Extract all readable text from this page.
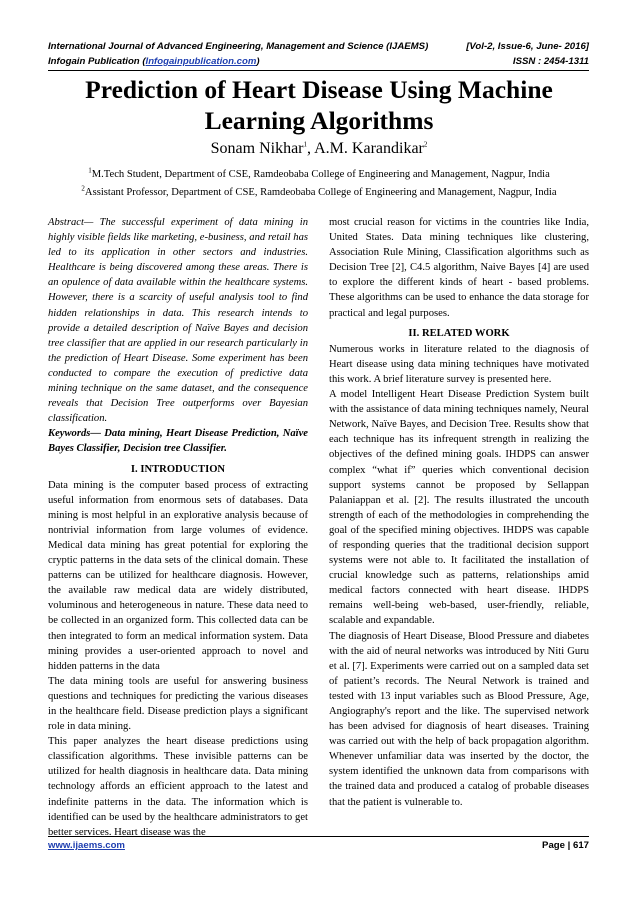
International Journal of Advanced Engineering, Management and Science (IJAEMS)	[Vol-2, Issue-6, June- 2016]
Infogain Publication (Infogainpublication.com)	ISSN : 2454-1311
Prediction of Heart Disease Using Machine Learning Algorithms
Sonam Nikhar$^1$, A.M. Karandikar$^2$
$^1$M.Tech Student, Department of CSE, Ramdeobaba College of Engineering and Management, Nagpur, India
$^2$Assistant Professor, Department of CSE, Ramdeobaba College of Engineering and Management, Nagpur, India

Abstract— The successful experiment of data mining in highly visible fields like marketing, e-business, and retail has led to its application in other sectors and industries. Healthcare is being discovered among these areas. There is an opulence of data available within the healthcare systems. However, there is a scarcity of useful analysis tool to find hidden relationships in data. This research intends to provide a detailed description of Naïve Bayes and decision tree classifier that are applied in our research particularly in the prediction of Heart Disease. Some experiment has been conducted to compare the execution of predictive data mining technique on the same dataset, and the consequence reveals that Decision Tree outperforms over Bayesian classification.

Keywords— Data mining, Heart Disease Prediction, Naïve Bayes Classifier, Decision tree Classifier.

I. INTRODUCTION

Data mining is the computer based process of extracting useful information from enormous sets of databases. Data mining is most helpful in an explorative analysis because of nontrivial information from large volumes of evidence. Medical data mining has great potential for exploring the cryptic patterns in the data sets of the clinical domain. These patterns can be utilized for healthcare diagnosis. However, the available raw medical data are widely distributed, voluminous and heterogeneous in nature. These data need to be collected in an organized form. This collected data can be then integrated to form an medical information system. Data mining provides a user-oriented approach to novel and hidden patterns in the data

The data mining tools are useful for answering business questions and techniques for predicting the various diseases in the healthcare field. Disease prediction plays a significant role in data mining.

This paper analyzes the heart disease predictions using classification algorithms. These invisible patterns can be utilized for health diagnosis in healthcare data. Data mining technology affords an efficient approach to the latest and indefinite patterns in the data. The information which is identified can be used by the healthcare administrators to get better services. Heart disease was the

most crucial reason for victims in the countries like India, United States. Data mining techniques like clustering, Association Rule Mining, Classification algorithms such as Decision Tree [2], C4.5 algorithm, Naive Bayes [4] are used to explore the different kinds of heart - based problems. These algorithms can be used to enhance the data storage for practical and legal purposes.

II. RELATED WORK

Numerous works in literature related to the diagnosis of Heart disease using data mining techniques have motivated this work. A brief literature survey is presented here.

A model Intelligent Heart Disease Prediction System built with the assistance of data mining techniques namely, Neural Network, Naïve Bayes, and Decision Tree. Results show that each technique has its infrequent strength in realizing the objectives of the defined mining goals. IHDPS can answer complex “what if” queries which conventional decision support systems cannot be proposed by Sellappan Palaniappan et al. [2]. The results illustrated the uncouth strength of each of the methodologies in comprehending the goal of the specified mining objectives. IHDPS was capable of responding queries that the traditional decision support systems were not able to. It facilitated the installation of crucial knowledge such as patterns, relationships amid medical factors connected with heart disease. IHDPS remains well-being web-based, user-friendly, reliable, scalable and expandable.

The diagnosis of Heart Disease, Blood Pressure and diabetes with the aid of neural networks was introduced by Niti Guru et al. [7]. Experiments were carried out on a sampled data set of patient’s records. The Neural Network is trained and tested with 13 input variables such as Blood Pressure, Age, Angiography's report and the like. The supervised network has been advised for diagnosis of heart diseases. Training was carried out with the help of back propagation algorithm. Whenever unfamiliar data was inserted by the doctor, the system identified the unknown data from comparisons with the trained data and produced a catalog of probable diseases that the patient is vulnerable to.

www.ijaems.com	Page | 617
